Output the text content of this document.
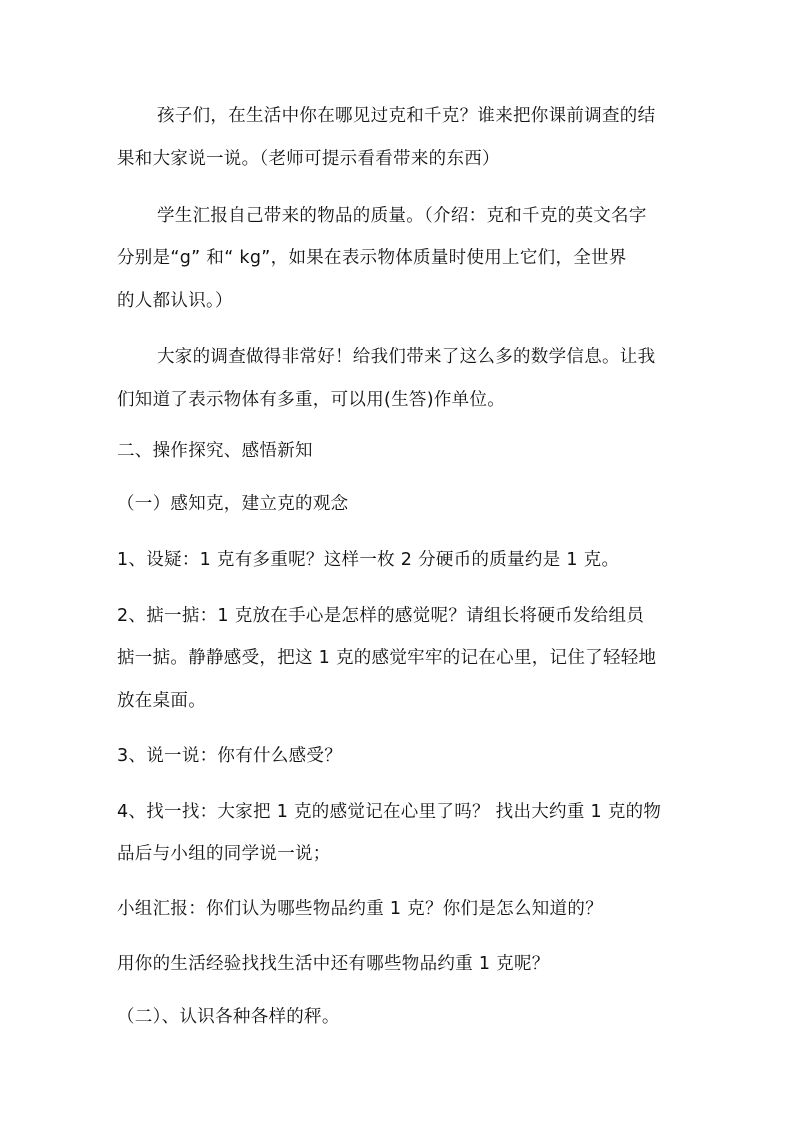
孩子们，在生活中你在哪见过克和千克？谁来把你课前调查的结
果和大家说一说。（老师可提示看看带来的东西）
学生汇报自己带来的物品的质量。（介绍：克和千克的英文名字
分别是“g” 和“ kg”，如果在表示物体质量时使用上它们，全世界
的人都认识。）
大家的调查做得非常好！给我们带来了这么多的数学信息。让我
们知道了表示物体有多重，可以用(生答)作单位。
二、操作探究、感悟新知
（一）感知克，建立克的观念
1、设疑：1 克有多重呢？这样一枚 2 分硬币的质量约是 1 克。
2、掂一掂：1 克放在手心是怎样的感觉呢？请组长将硬币发给组员
掂一掂。静静感受，把这 1 克的感觉牢牢的记在心里，记住了轻轻地
放在桌面。
3、说一说：你有什么感受？
4、找一找：大家把 1 克的感觉记在心里了吗？ 找出大约重 1 克的物
品后与小组的同学说一说；
小组汇报：你们认为哪些物品约重 1 克？你们是怎么知道的？
用你的生活经验找找生活中还有哪些物品约重 1 克呢？
（二）、认识各种各样的秤。
